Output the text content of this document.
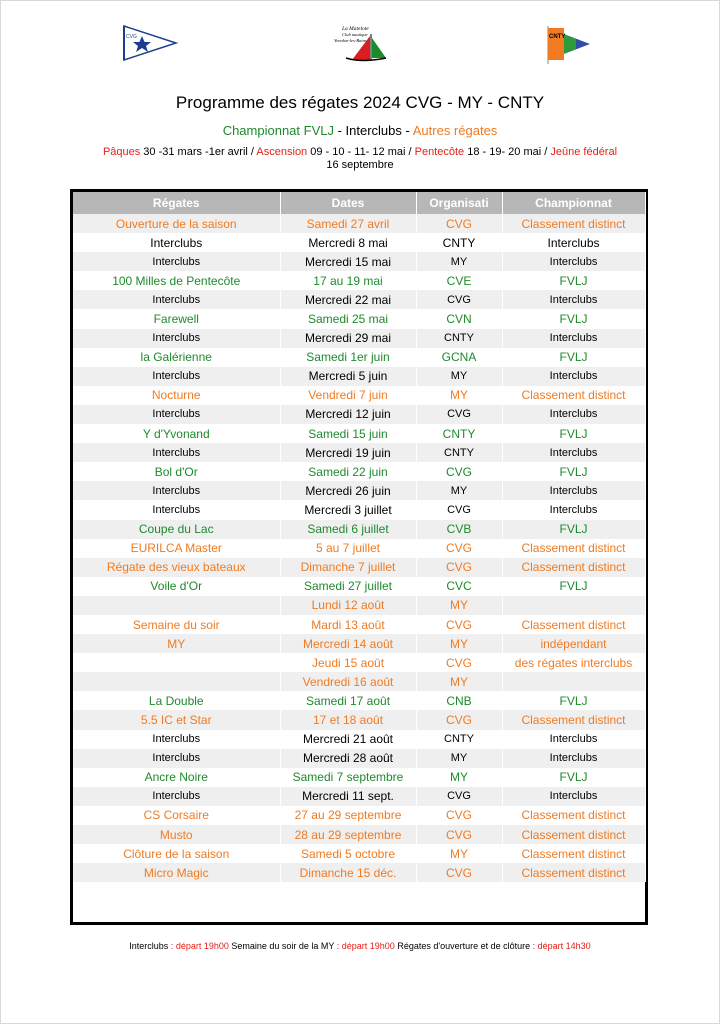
CVG
La Matelote
Club nautique
Yverdon-les-Bains
CNTY
Programme des régates 2024 CVG - MY - CNTY
Championnat FVLJ - Interclubs - Autres régates
Pâques 30 -31 mars -1er avril / Ascension 09 - 10 - 11- 12 mai / Pentecôte 18 - 19- 20 mai / Jeûne fédéral
16 septembre
Régates	Dates	Organisati	Championnat
Ouverture de la saison	Samedi 27 avril	CVG	Classement distinct
Interclubs	Mercredi 8 mai	CNTY	Interclubs
Interclubs	Mercredi 15 mai	MY	Interclubs
100 Milles de Pentecôte	17 au 19 mai	CVE	FVLJ
Interclubs	Mercredi 22 mai	CVG	Interclubs
Farewell	Samedi 25 mai	CVN	FVLJ
Interclubs	Mercredi 29 mai	CNTY	Interclubs
la Galérienne	Samedi 1er juin	GCNA	FVLJ
Interclubs	Mercredi 5 juin	MY	Interclubs
Nocturne	Vendredi 7 juin	MY	Classement distinct
Interclubs	Mercredi 12 juin	CVG	Interclubs
Y d'Yvonand	Samedi 15 juin	CNTY	FVLJ
Interclubs	Mercredi 19 juin	CNTY	Interclubs
Bol d'Or	Samedi 22 juin	CVG	FVLJ
Interclubs	Mercredi 26 juin	MY	Interclubs
Interclubs	Mercredi 3 juillet	CVG	Interclubs
Coupe du Lac	Samedi 6 juillet	CVB	FVLJ
EURILCA Master	5 au 7 juillet	CVG	Classement distinct
Régate des vieux bateaux	Dimanche 7 juillet	CVG	Classement distinct
Voile d'Or	Samedi 27 juillet	CVC	FVLJ
	Lundi 12 août	MY	
Semaine du soir	Mardi 13 août	CVG	Classement distinct
MY	Mercredi 14 août	MY	indépendant
	Jeudi 15 août	CVG	des régates interclubs
	Vendredi 16 août	MY	
La Double	Samedi 17 août	CNB	FVLJ
5.5 IC et Star	17 et 18 août	CVG	Classement distinct
Interclubs	Mercredi 21 août	CNTY	Interclubs
Interclubs	Mercredi 28 août	MY	Interclubs
Ancre Noire	Samedi 7 septembre	MY	FVLJ
Interclubs	Mercredi 11 sept.	CVG	Interclubs
CS Corsaire	27 au 29 septembre	CVG	Classement distinct
Musto	28 au 29 septembre	CVG	Classement distinct
Clôture de la saison	Samedi 5 octobre	MY	Classement distinct
Micro Magic	Dimanche 15 déc.	CVG	Classement distinct
Interclubs : départ 19h00 Semaine du soir de la MY : départ 19h00 Régates d'ouverture et de clôture : départ 14h30
